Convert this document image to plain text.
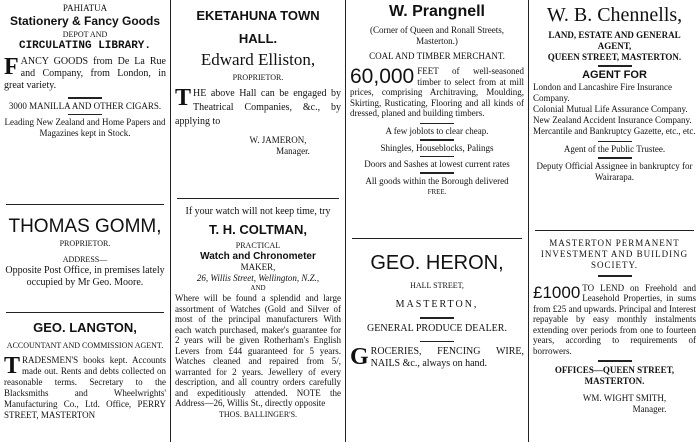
PAHIATUA

Stationery & Fancy Goods

DEPOT AND

CIRCULATING LIBRARY.

FANCY GOODS from De La Rue and Company, from London, in great variety.

3000 MANILLA AND OTHER CIGARS.

Leading New Zealand and Home Papers and Magazines kept in Stock.

THOMAS GOMM,

PROPRIETOR.

ADDRESS—

Opposite Post Office, in premises lately occupied by Mr Geo. Moore.

GEO. LANGTON,

ACCOUNTANT AND COMMISSION AGENT.

TRADESMEN'S books kept. Accounts made out. Rents and debts collected on reasonable terms. Secretary to the Blacksmiths and Wheelwrights' Manufacturing Co., Ltd. Office, PERRY STREET, MASTERTON

EKETAHUNA TOWN

HALL.

Edward Elliston,

PROPRIETOR.

THE above Hall can be engaged by Theatrical Companies, &c., by applying to

W. JAMERON,

Manager.

If your watch will not keep time, try

T. H. COLTMAN,

PRACTICAL

Watch and Chronometer

MAKER,

26, Willis Street, Wellington, N.Z.,

AND

Where will be found a splendid and large assortment of Watches (Gold and Silver of most of the principal manufacturers With each watch purchased, maker's guarantee for 2 years will be given Rotherham's English Levers from £44 guaranteed for 5 years. Watches cleaned and repaired from 5/, warranted for 2 years. Jewellery of every description, and all country orders carefully and expeditiously attended. NOTE the Address—26, Willis St., directly opposite

THOS. BALLINGER'S.

W. Prangnell

(Corner of Queen and Ronall Streets, Masterton.)

COAL AND TIMBER MERCHANT.

60,000 FEET of well-seasoned timber to select from at mill prices, comprising Architraving, Moulding, Skirting, Rusticating, Flooring and all kinds of dressed, planed and building timbers.

A few joblots to clear cheap.

Shingles, Houseblocks, Palings

Doors and Sashes at lowest current rates

All goods within the Borough delivered

FREE.

GEO. HERON,

HALL STREET,

MASTERTON,

GENERAL PRODUCE DEALER.

GROCERIES, FENCING WIRE, NAILS &c., always on hand.

W. B. Chennells,

LAND, ESTATE AND GENERAL AGENT,

QUEEN STREET, MASTERTON.

AGENT FOR

London and Lancashire Fire Insurance Company.

Colonial Mutual Life Assurance Company.

New Zealand Accident Insurance Company.

Mercantile and Bankruptcy Gazette, etc., etc.

Agent of the Public Trustee.

Deputy Official Assignee in bankruptcy for Wairarapa.

MASTERTON PERMANENT INVESTMENT AND BUILDING SOCIETY.

£1000 TO LEND on Freehold and Leasehold Properties, in sums from £25 and upwards. Principal and Interest repayable by easy monthly instalments extending over periods from one to fourteen years, according to requirements of borrowers.

OFFICES—QUEEN STREET,

MASTERTON.

WM. WIGHT SMITH,

Manager.
